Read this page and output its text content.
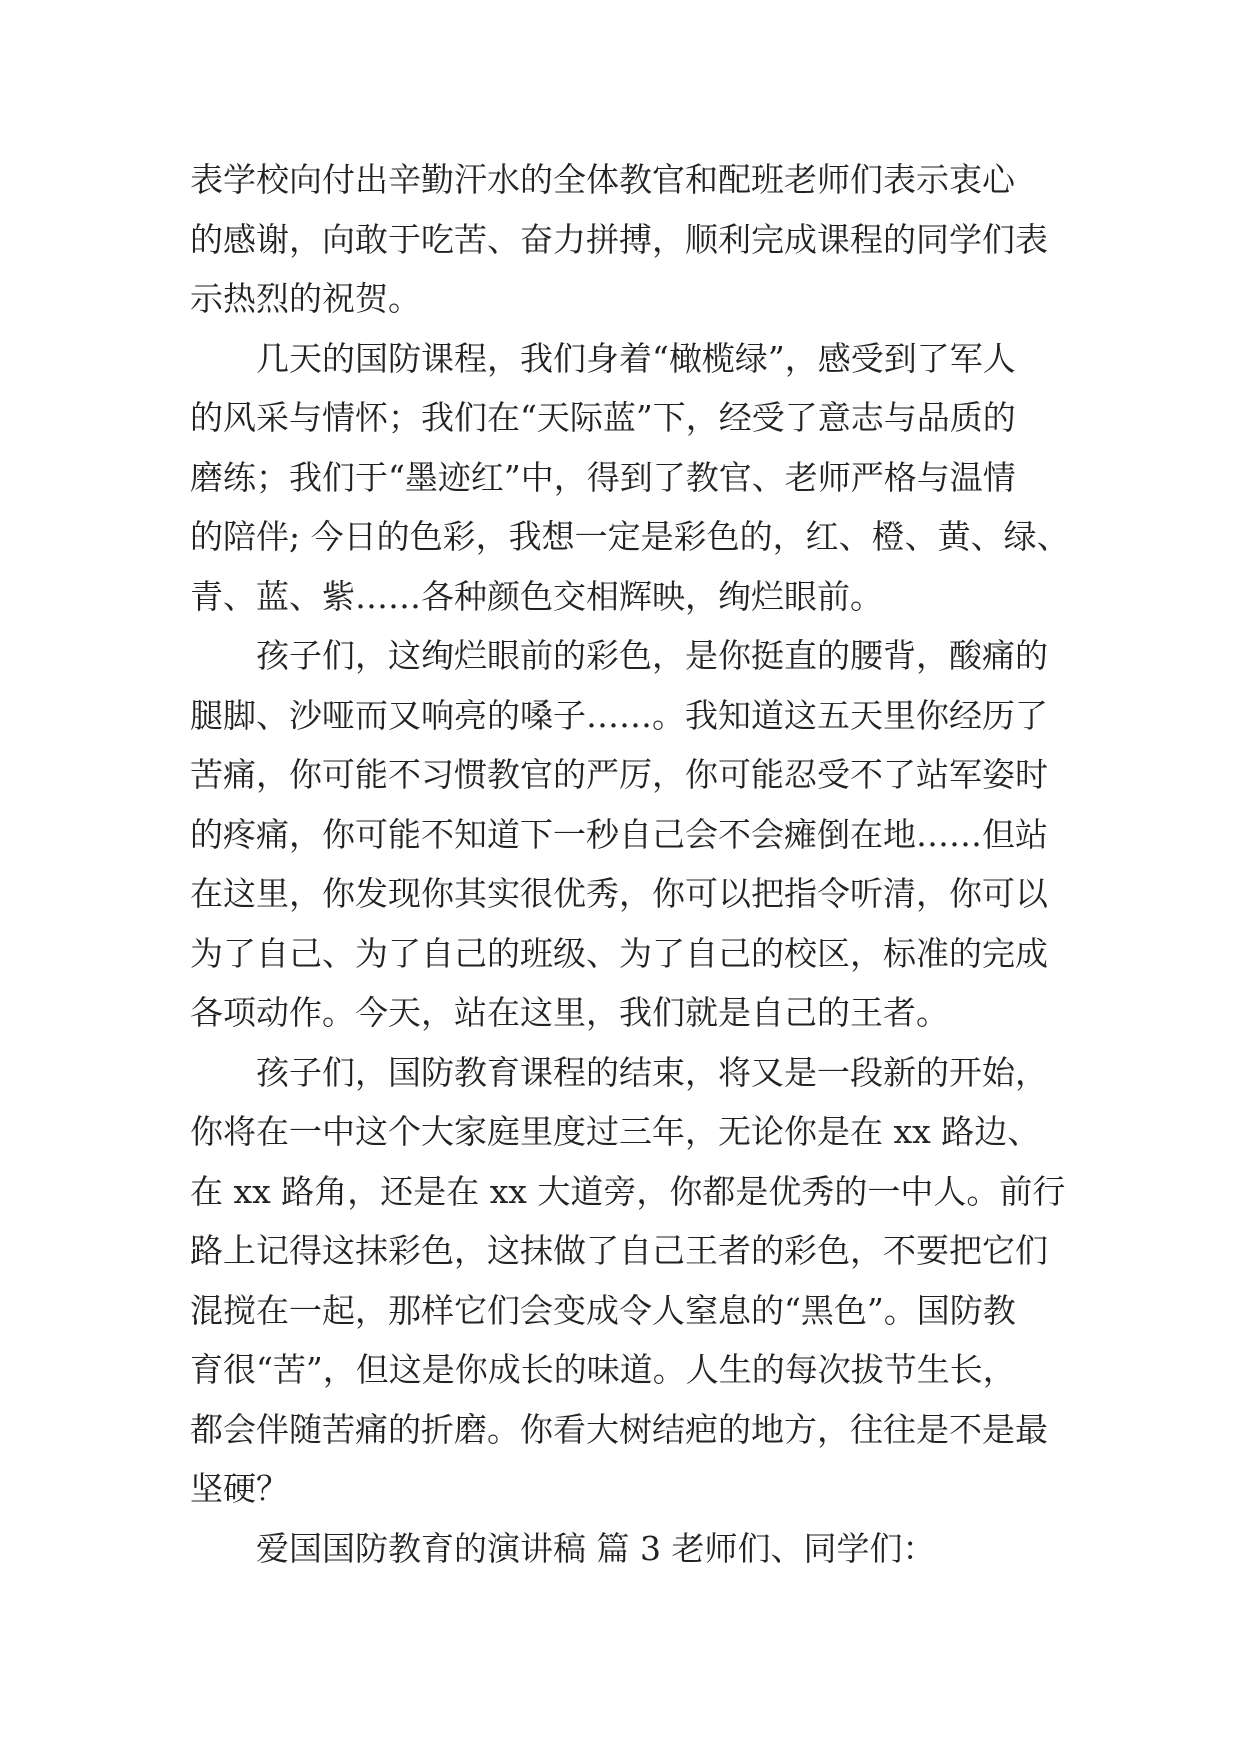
表学校向付出辛勤汗水的全体教官和配班老师们表示衷心
的感谢，向敢于吃苦、奋力拼搏，顺利完成课程的同学们表
示热烈的祝贺。
几天的国防课程，我们身着“橄榄绿”，感受到了军人
的风采与情怀；我们在“天际蓝”下，经受了意志与品质的
磨练；我们于“墨迹红”中，得到了教官、老师严格与温情
的陪伴; 今日的色彩，我想一定是彩色的，红、橙、黄、绿、
青、蓝、紫……各种颜色交相辉映，绚烂眼前。
孩子们，这绚烂眼前的彩色，是你挺直的腰背，酸痛的
腿脚、沙哑而又响亮的嗓子……。我知道这五天里你经历了
苦痛，你可能不习惯教官的严厉，你可能忍受不了站军姿时
的疼痛，你可能不知道下一秒自己会不会瘫倒在地……但站
在这里，你发现你其实很优秀，你可以把指令听清，你可以
为了自己、为了自己的班级、为了自己的校区，标准的完成
各项动作。今天，站在这里，我们就是自己的王者。
孩子们，国防教育课程的结束，将又是一段新的开始，
你将在一中这个大家庭里度过三年，无论你是在 xx 路边、
在 xx 路角，还是在 xx 大道旁，你都是优秀的一中人。前行
路上记得这抹彩色，这抹做了自己王者的彩色，不要把它们
混搅在一起，那样它们会变成令人窒息的“黑色”。国防教
育很“苦”，但这是你成长的味道。人生的每次拔节生长，
都会伴随苦痛的折磨。你看大树结疤的地方，往往是不是最
坚硬？
爱国国防教育的演讲稿 篇 3 老师们、同学们：
